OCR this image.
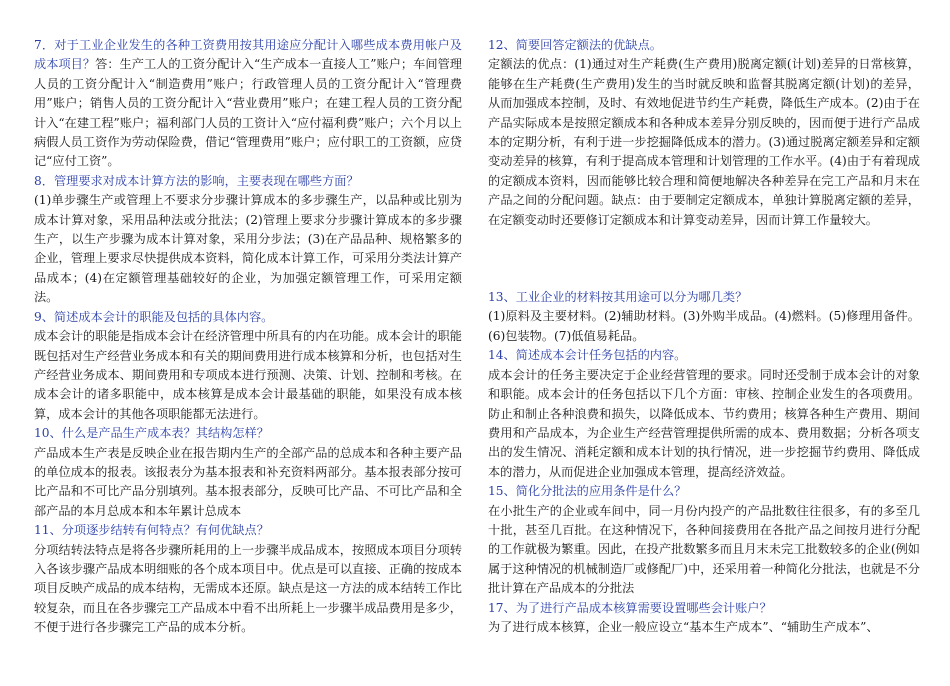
7．对于工业企业发生的各种工资费用按其用途应分配计入哪些成本费用帐户及成本项目？答：生产工人的工资分配计入“生产成本一直接人工”账户；车间管理人员的工资分配计入“制造费用”账户；行政管理人员的工资分配计入“管理费用”账户；销售人员的工资分配计入“营业费用”账户；在建工程人员的工资分配计入“在建工程”账户；福利部门人员的工资计入“应付福利费”账户；六个月以上病假人员工资作为劳动保险费，借记“管理费用”账户；应付职工的工资额，应贷记“应付工资”。

8．管理要求对成本计算方法的影响，主要表现在哪些方面？

(1)单步骤生产或管理上不要求分步骤计算成本的多步骤生产，以品种或比别为成本计算对象，采用品种法或分批法；(2)管理上要求分步骤计算成本的多步骤生产，以生产步骤为成本计算对象，采用分步法；(3)在产品品种、规格繁多的企业，管理上要求尽快提供成本资料，简化成本计算工作，可采用分类法计算产品成本；(4)在定额管理基础较好的企业，为加强定额管理工作，可采用定额法。

9、简述成本会计的职能及包括的具体内容。

成本会计的职能是指成本会计在经济管理中所具有的内在功能。成本会计的职能既包括对生产经营业务成本和有关的期间费用进行成本核算和分析，也包括对生产经营业务成本、期间费用和专项成本进行预测、决策、计划、控制和考核。在成本会计的诸多职能中，成本核算是成本会计最基础的职能，如果没有成本核算，成本会计的其他各项职能都无法进行。

10、什么是产品生产成本表？其结构怎样？

产品成本生产表是反映企业在报告期内生产的全部产品的总成本和各种主要产品的单位成本的报表。该报表分为基本报表和补充资料两部分。基本报表部分按可比产品和不可比产品分别填列。基本报表部分，反映可比产品、不可比产品和全部产品的本月总成本和本年累计总成本

11、分项逐步结转有何特点？有何优缺点？

分项结转法特点是将各步骤所耗用的上一步骤半成品成本，按照成本项目分项转入各该步骤产品成本明细账的各个成本项目中。优点是可以直接、正确的按成本项目反映产成品的成本结构，无需成本还原。缺点是这一方法的成本结转工作比较复杂，而且在各步骤完工产品成本中看不出所耗上一步骤半成品费用是多少，不便于进行各步骤完工产品的成本分析。

12、简要回答定额法的优缺点。

定额法的优点：(1)通过对生产耗费(生产费用)脱离定额(计划)差异的日常核算，能够在生产耗费(生产费用)发生的当时就反映和监督其脱离定额(计划)的差异，从而加强成本控制，及时、有效地促进节约生产耗费，降低生产成本。(2)由于在产品实际成本是按照定额成本和各种成本差异分别反映的，因而便于进行产品成本的定期分析，有利于进一步挖掘降低成本的潜力。(3)通过脱离定额差异和定额变动差异的核算，有利于提高成本管理和计划管理的工作水平。(4)由于有着现成的定额成本资料，因而能够比较合理和简便地解决各种差异在完工产品和月末在产品之间的分配问题。缺点：由于要制定定额成本，单独计算脱离定额的差异，在定额变动时还要修订定额成本和计算变动差异，因而计算工作量较大。

13、工业企业的材料按其用途可以分为哪几类？

(1)原料及主要材料。(2)辅助材料。(3)外购半成品。(4)燃料。(5)修理用备件。(6)包装物。(7)低值易耗品。

14、简述成本会计任务包括的内容。

成本会计的任务主要决定于企业经营管理的要求。同时还受制于成本会计的对象和职能。成本会计的任务包括以下几个方面：审核、控制企业发生的各项费用。防止和制止各种浪费和损失，以降低成本、节约费用；核算各种生产费用、期间费用和产品成本，为企业生产经营管理提供所需的成本、费用数据；分析各项支出的发生情况、消耗定额和成本计划的执行情况，进一步挖掘节约费用、降低成本的潜力，从而促进企业加强成本管理，提高经济效益。

15、简化分批法的应用条件是什么？

在小批生产的企业或车间中，同一月份内投产的产品批数往往很多，有的多至几十批，甚至几百批。在这种情况下，各种间接费用在各批产品之间按月进行分配的工作就极为繁重。因此，在投产批数繁多而且月末未完工批数较多的企业(例如属于这种情况的机械制造厂或修配厂)中，还采用着一种简化分批法，也就是不分批计算在产品成本的分批法

17、为了进行产品成本核算需要设置哪些会计账户？

为了进行成本核算，企业一般应设立“基本生产成本”、“辅助生产成本”、
